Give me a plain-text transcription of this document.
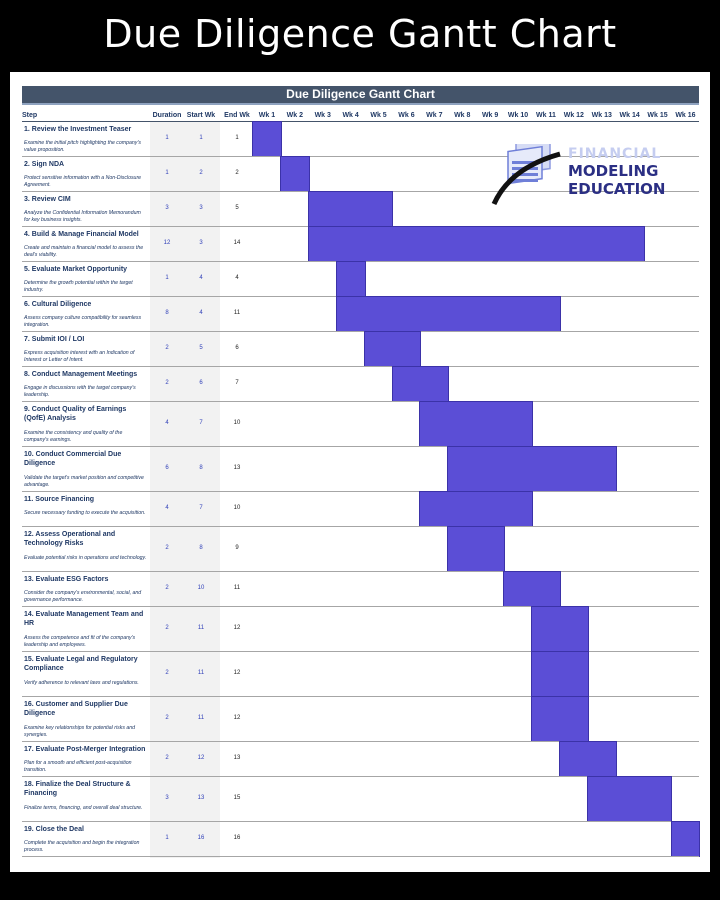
Due Diligence Gantt Chart
Due Diligence Gantt Chart
Step	Duration Start Wk	End Wk	Wk 1	Wk 2	Wk 3	Wk 4	Wk 5	Wk 6	Wk 7	Wk 8	Wk 9	Wk 10	Wk 11	Wk 12	Wk 13	Wk 14	Wk 15	Wk 16
1. Review the Investment Teaser
Examine the initial pitch highlighting the company's value proposition.
1	1	1
2. Sign NDA
Protect sensitive information with a Non-Disclosure Agreement.
1	2	2
3. Review CIM
Analyze the Confidential Information Memorandum for key business insights.
3	3	5
4. Build & Manage Financial Model
Create and maintain a financial model to assess the deal's viability.
12	3	14
5. Evaluate Market Opportunity
Determine the growth potential within the target industry.
1	4	4
6. Cultural Diligence
Assess company culture compatibility for seamless integration.
8	4	11
7. Submit IOI / LOI
Express acquisition interest with an Indication of Interest or Letter of Intent.
2	5	6
8. Conduct Management Meetings
Engage in discussions with the target company's leadership.
2	6	7
9. Conduct Quality of Earnings (QofE) Analysis
Examine the consistency and quality of the company's earnings.
4	7	10
10. Conduct Commercial Due Diligence
Validate the target's market position and competitive advantage.
6	8	13
11. Source Financing
Secure necessary funding to execute the acquisition.
4	7	10
12. Assess Operational and Technology Risks
Evaluate potential risks in operations and technology.
2	8	9
13. Evaluate ESG Factors
Consider the company's environmental, social, and governance performance.
2	10	11
14. Evaluate Management Team and HR
Assess the competence and fit of the company's leadership and employees.
2	11	12
15. Evaluate Legal and Regulatory Compliance
Verify adherence to relevant laws and regulations.
2	11	12
16. Customer and Supplier Due Diligence
Examine key relationships for potential risks and synergies.
2	11	12
17. Evaluate Post-Merger Integration
Plan for a smooth and efficient post-acquisition transition.
2	12	13
18. Finalize the Deal Structure & Financing
Finalize terms, financing, and overall deal structure.
3	13	15
19. Close the Deal
Complete the acquisition and begin the integration process.
1	16	16
FINANCIAL
MODELING
EDUCATION
